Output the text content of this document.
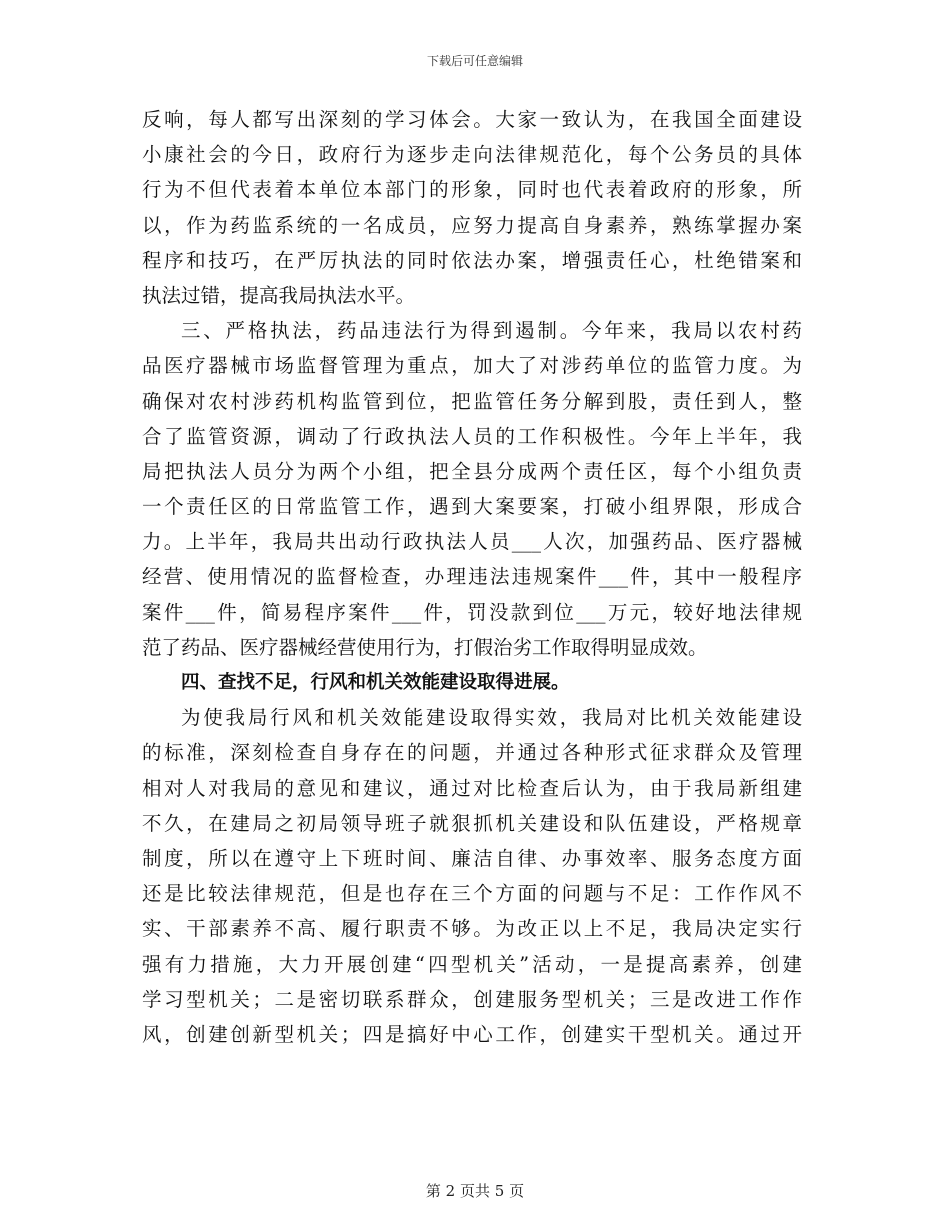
下载后可任意编辑
反响，每人都写出深刻的学习体会。大家一致认为，在我国全面建设
小康社会的今日，政府行为逐步走向法律规范化，每个公务员的具体
行为不但代表着本单位本部门的形象，同时也代表着政府的形象，所
以，作为药监系统的一名成员，应努力提高自身素养，熟练掌握办案
程序和技巧，在严厉执法的同时依法办案，增强责任心，杜绝错案和
执法过错，提高我局执法水平。
三、严格执法，药品违法行为得到遏制。今年来，我局以农村药
品医疗器械市场监督管理为重点，加大了对涉药单位的监管力度。为
确保对农村涉药机构监管到位，把监管任务分解到股，责任到人，整
合了监管资源，调动了行政执法人员的工作积极性。今年上半年，我
局把执法人员分为两个小组，把全县分成两个责任区，每个小组负责
一个责任区的日常监管工作，遇到大案要案，打破小组界限，形成合
力。上半年，我局共出动行政执法人员___人次，加强药品、医疗器械
经营、使用情况的监督检查，办理违法违规案件___件，其中一般程序
案件___件，简易程序案件___件，罚没款到位___万元，较好地法律规
范了药品、医疗器械经营使用行为，打假治劣工作取得明显成效。
四、查找不足，行风和机关效能建设取得进展。
为使我局行风和机关效能建设取得实效，我局对比机关效能建设
的标准，深刻检查自身存在的问题，并通过各种形式征求群众及管理
相对人对我局的意见和建议，通过对比检查后认为，由于我局新组建
不久，在建局之初局领导班子就狠抓机关建设和队伍建设，严格规章
制度，所以在遵守上下班时间、廉洁自律、办事效率、服务态度方面
还是比较法律规范，但是也存在三个方面的问题与不足：工作作风不
实、干部素养不高、履行职责不够。为改正以上不足，我局决定实行
强有力措施，大力开展创建“四型机关”活动，一是提高素养，创建
学习型机关；二是密切联系群众，创建服务型机关；三是改进工作作
风，创建创新型机关；四是搞好中心工作，创建实干型机关。通过开
第 2 页共 5 页
